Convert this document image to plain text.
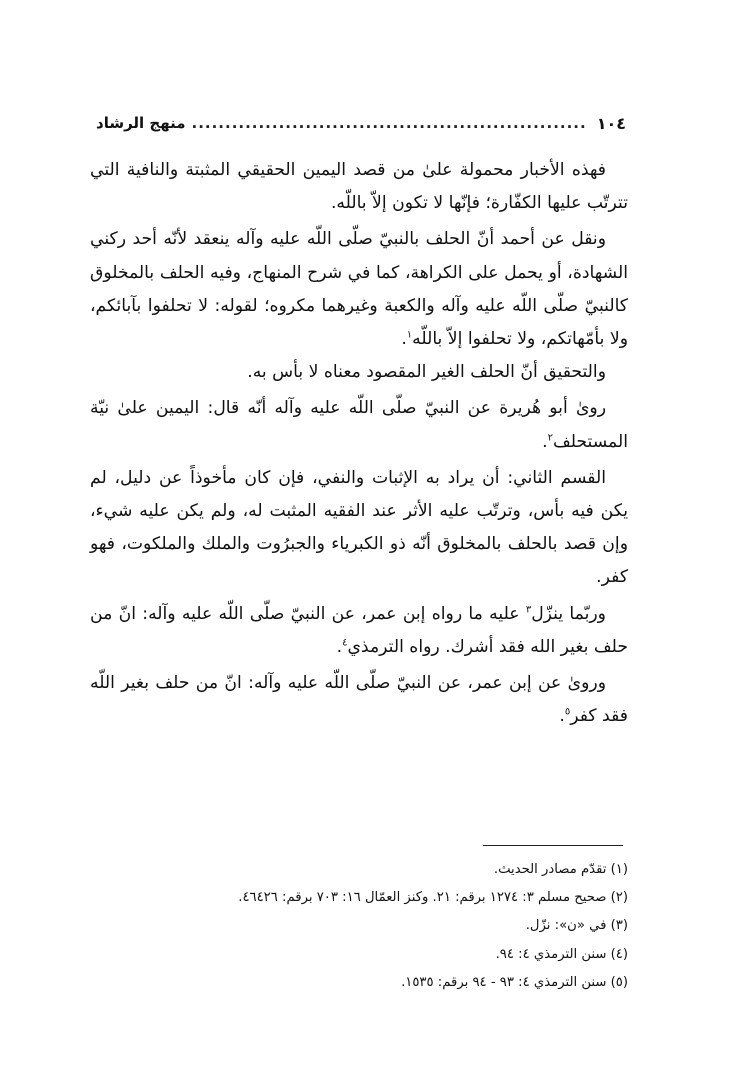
١٠٤
.....
منهج الرشاد

فهذه الأخبار محمولة علىٰ من قصد اليمين الحقيقي المثبتة والنافية التي تترتّب عليها الكفّارة؛ فإنّها لا تكون إلاّ باللّه.

ونقل عن أحمد أنّ الحلف بالنبيّ صلّى اللّه عليه وآله ينعقد لأنّه أحد ركني الشهادة، أو يحمل على الكراهة، كما في شرح المنهاج، وفيه الحلف بالمخلوق كالنبيّ صلّى اللّه عليه وآله والكعبة وغيرهما مكروه؛ لقوله: لا تحلفوا بآبائكم، ولا بأمّهاتكم، ولا تحلفوا إلاّ باللّه$^١$.

والتحقيق أنّ الحلف الغير المقصود معناه لا بأس به.

روىٰ أبو هُريرة عن النبيّ صلّى اللّه عليه وآله أنّه قال: اليمين علىٰ نيّة المستحلف$^٢$.

القسم الثاني: أن يراد به الإثبات والنفي، فإن كان مأخوذاً عن دليل، لم يكن فيه بأس، وترتّب عليه الأثر عند الفقيه المثبت له، ولم يكن عليه شيء، وإن قصد بالحلف بالمخلوق أنّه ذو الكبرياء والجبرُوت والملك والملكوت، فهو كفر.

وربّما ينزّل$^٣$ عليه ما رواه إبن عمر، عن النبيّ صلّى اللّه عليه وآله: انّ من حلف بغير الله فقد أشرك. رواه الترمذي$^٤$.

وروىٰ عن إبن عمر، عن النبيّ صلّى اللّه عليه وآله: انّ من حلف بغير اللّه فقد كفر$^٥$.

(١) تقدّم مصادر الحديث.
(٢) صحيح مسلم ٣: ١٢٧٤ برقم: ٢١. وكنز العمّال ١٦: ٧٠٣ برقم: ٤٦٤٢٦.
(٣) في «ن»: نزّل.
(٤) سنن الترمذي ٤: ٩٤.
(٥) سنن الترمذي ٤: ٩٣ - ٩٤ برقم: ١٥٣٥.
